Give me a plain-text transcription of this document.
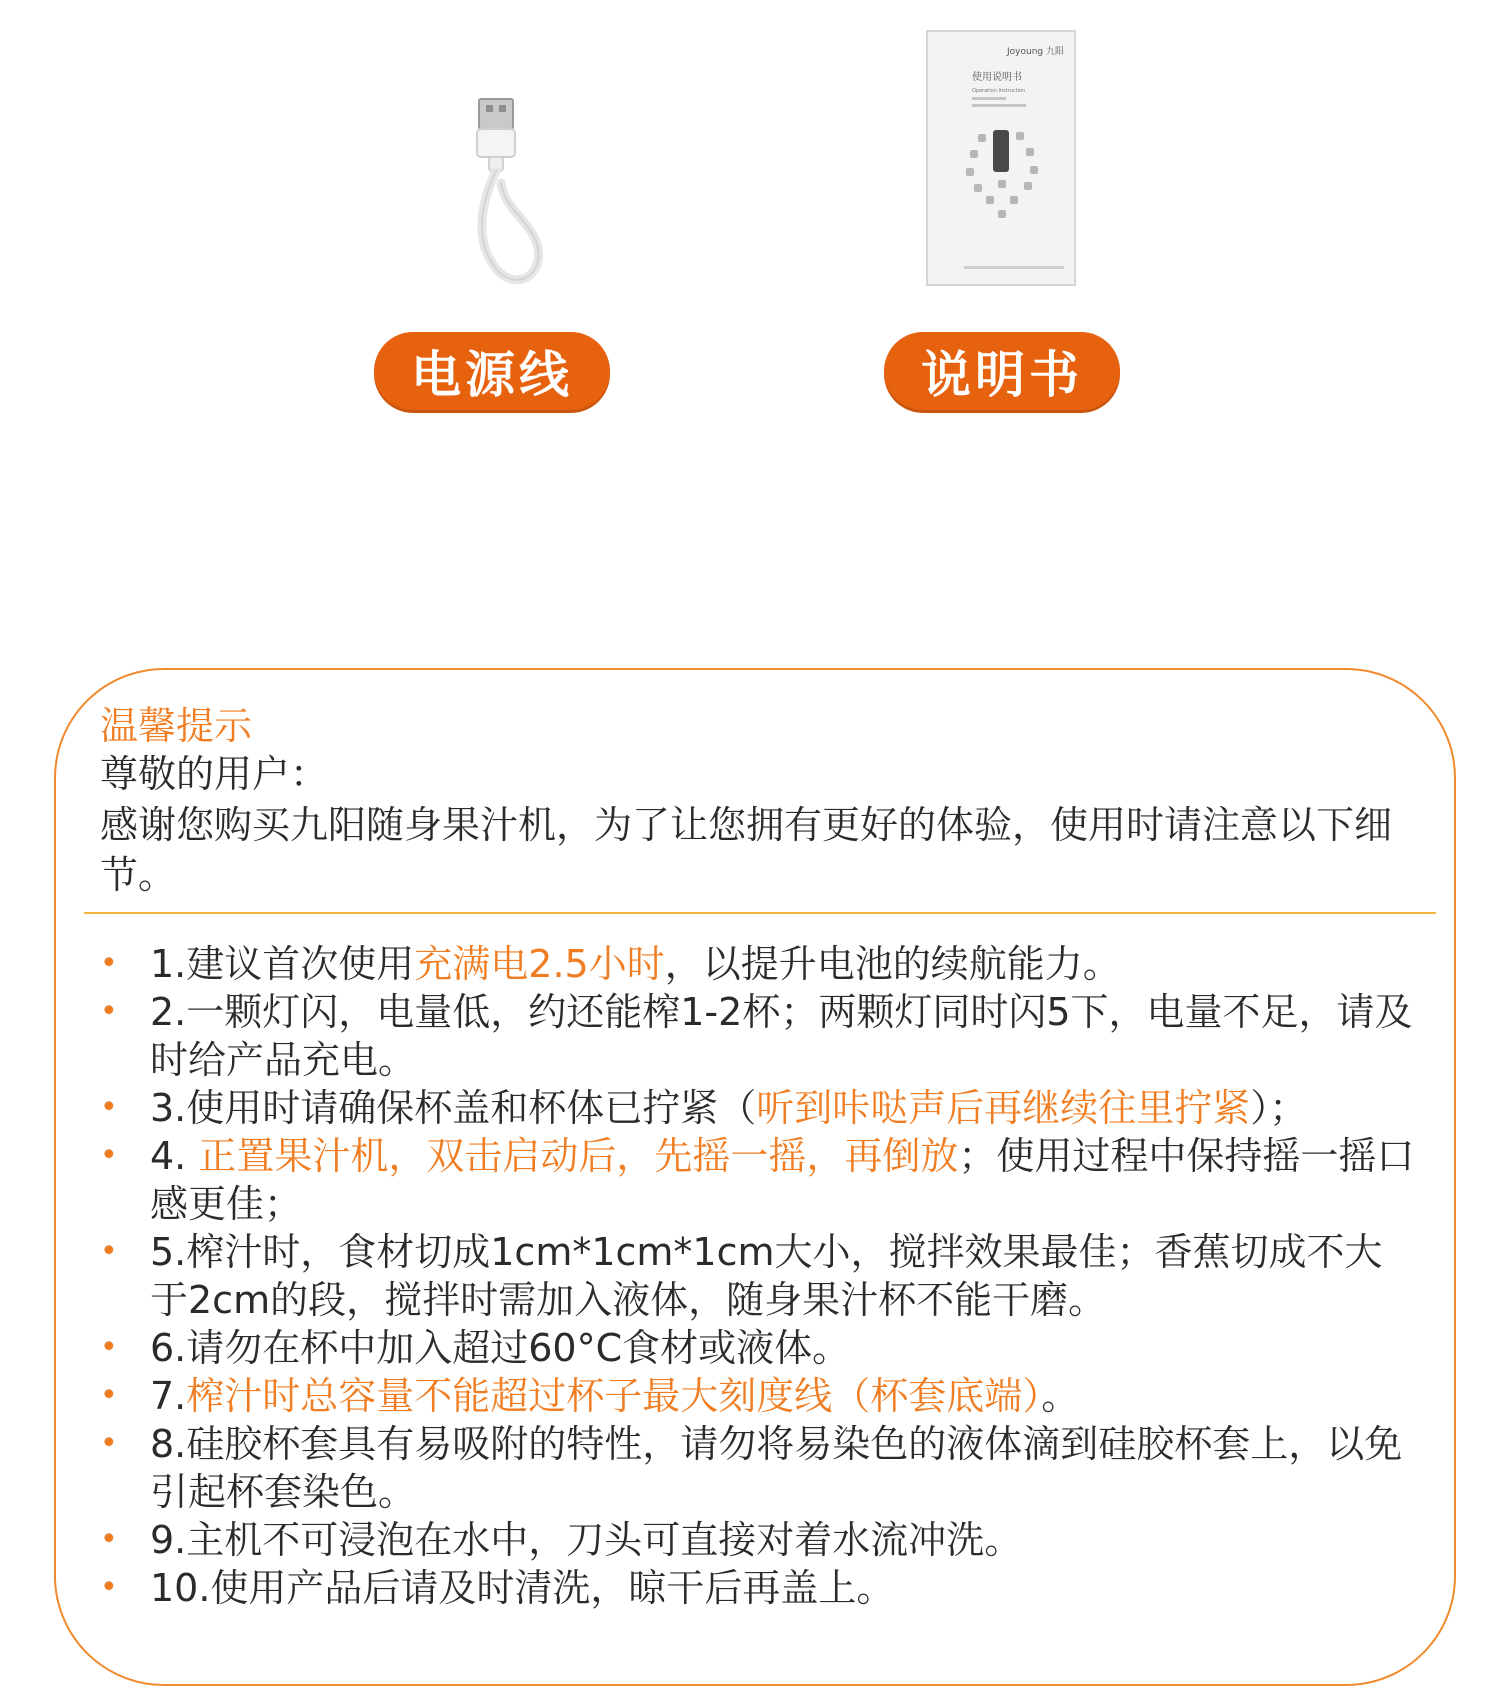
电源线
Joyoung 九阳
使用说明书
Operation Instruction
说明书
温馨提示
尊敬的用户：
感谢您购买九阳随身果汁机，为了让您拥有更好的体验，使用时请注意以下细节。
• 1.建议首次使用充满电2.5小时，以提升电池的续航能力。
• 2.一颗灯闪，电量低，约还能榨1-2杯；两颗灯同时闪5下，电量不足，请及时给产品充电。
• 3.使用时请确保杯盖和杯体已拧紧（听到咔哒声后再继续往里拧紧）；
• 4. 正置果汁机，双击启动后，先摇一摇，再倒放；使用过程中保持摇一摇口感更佳；
• 5.榨汁时，食材切成1cm*1cm*1cm大小，搅拌效果最佳；香蕉切成不大于2cm的段，搅拌时需加入液体，随身果汁杯不能干磨。
• 6.请勿在杯中加入超过60°C食材或液体。
• 7.榨汁时总容量不能超过杯子最大刻度线（杯套底端）。
• 8.硅胶杯套具有易吸附的特性，请勿将易染色的液体滴到硅胶杯套上，以免引起杯套染色。
• 9.主机不可浸泡在水中，刀头可直接对着水流冲洗。
• 10.使用产品后请及时清洗，晾干后再盖上。
